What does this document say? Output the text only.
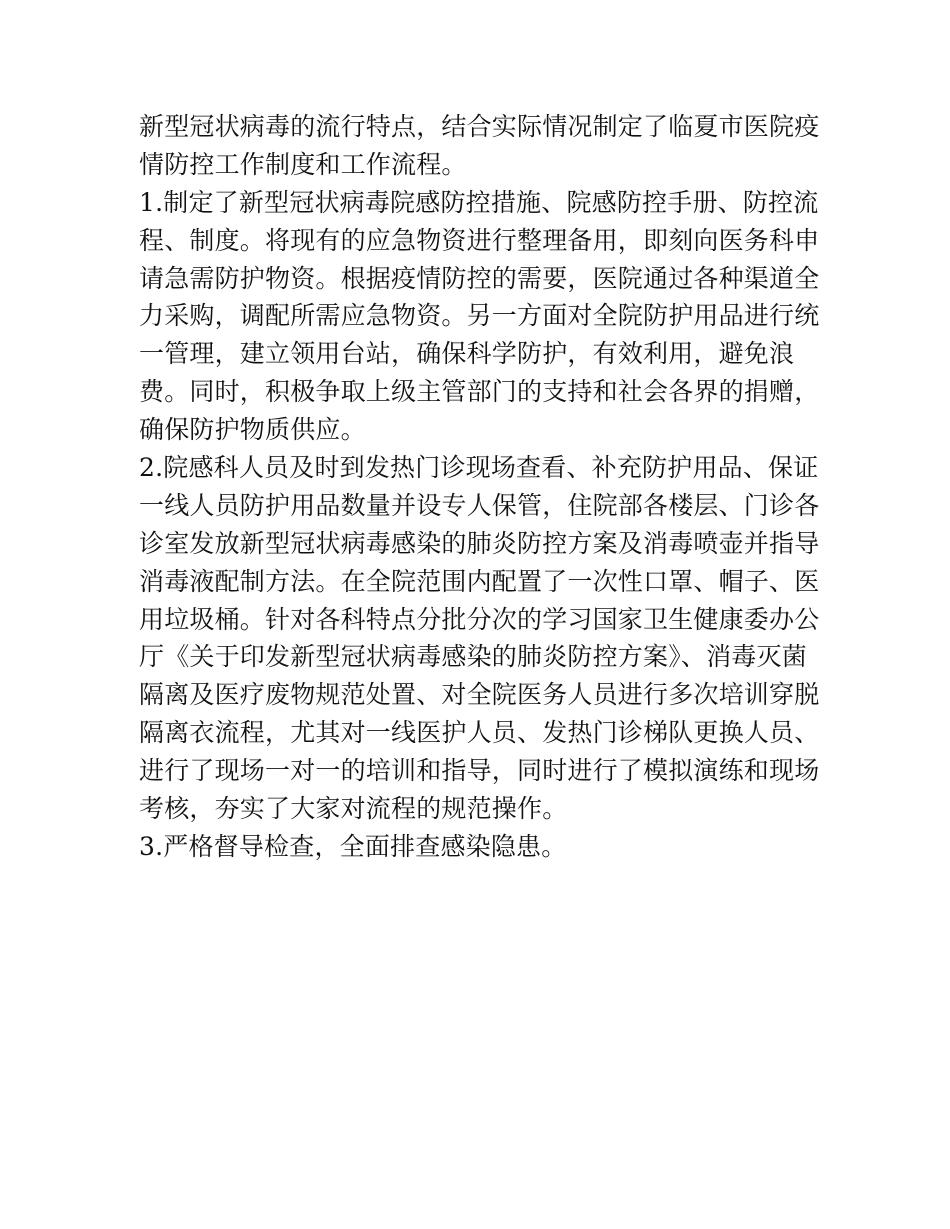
新型冠状病毒的流行特点，结合实际情况制定了临夏市医院疫

情防控工作制度和工作流程。

1.制定了新型冠状病毒院感防控措施、院感防控手册、防控流

程、制度。将现有的应急物资进行整理备用，即刻向医务科申

请急需防护物资。根据疫情防控的需要，医院通过各种渠道全

力采购，调配所需应急物资。另一方面对全院防护用品进行统

一管理，建立领用台站，确保科学防护，有效利用，避免浪

费。同时，积极争取上级主管部门的支持和社会各界的捐赠，

确保防护物质供应。

2.院感科人员及时到发热门诊现场查看、补充防护用品、保证

一线人员防护用品数量并设专人保管，住院部各楼层、门诊各

诊室发放新型冠状病毒感染的肺炎防控方案及消毒喷壶并指导

消毒液配制方法。在全院范围内配置了一次性口罩、帽子、医

用垃圾桶。针对各科特点分批分次的学习国家卫生健康委办公

厅《关于印发新型冠状病毒感染的肺炎防控方案》、消毒灭菌

隔离及医疗废物规范处置、对全院医务人员进行多次培训穿脱

隔离衣流程，尤其对一线医护人员、发热门诊梯队更换人员、

进行了现场一对一的培训和指导，同时进行了模拟演练和现场

考核，夯实了大家对流程的规范操作。

3.严格督导检查，全面排查感染隐患。
